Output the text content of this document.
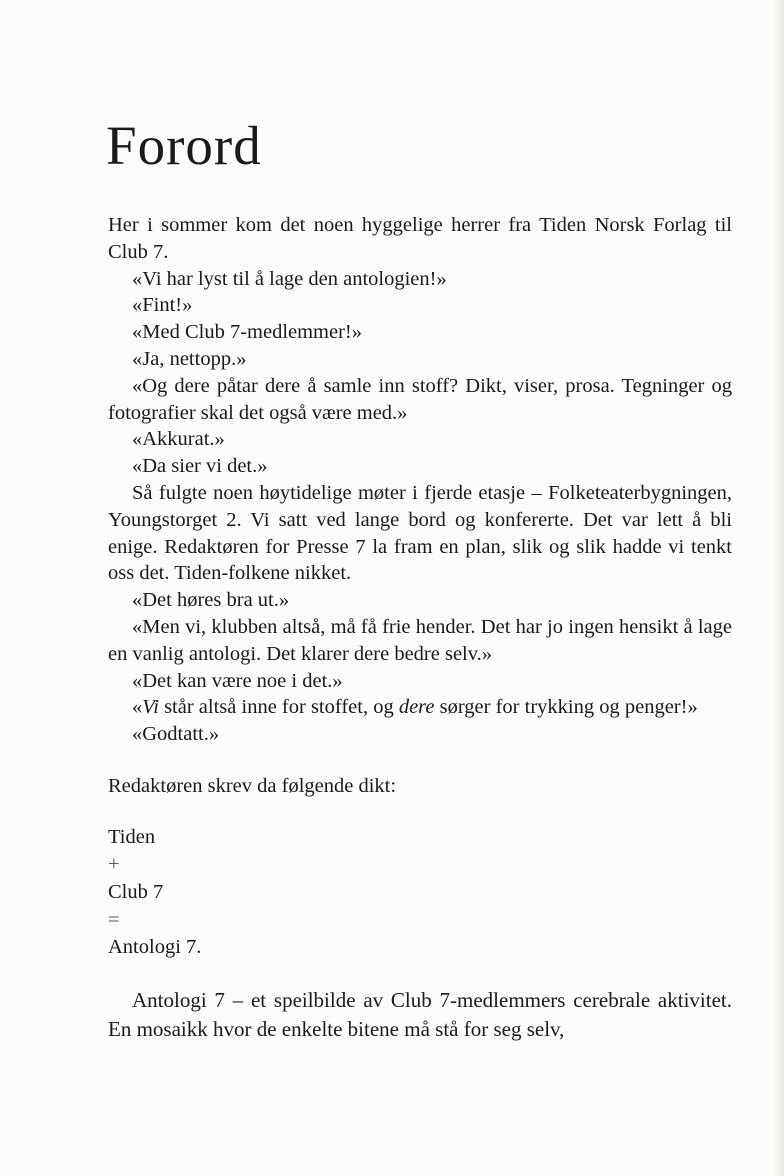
Forord

Her i sommer kom det noen hyggelige herrer fra Tiden Norsk Forlag til Club 7.

«Vi har lyst til å lage den antologien!»

«Fint!»

«Med Club 7-medlemmer!»

«Ja, nettopp.»

«Og dere påtar dere å samle inn stoff? Dikt, viser, prosa. Tegninger og fotografier skal det også være med.»

«Akkurat.»

«Da sier vi det.»

Så fulgte noen høytidelige møter i fjerde etasje – Folketeaterbygningen, Youngstorget 2. Vi satt ved lange bord og konfererte. Det var lett å bli enige. Redaktøren for Presse 7 la fram en plan, slik og slik hadde vi tenkt oss det. Tiden-folkene nikket.

«Det høres bra ut.»

«Men vi, klubben altså, må få frie hender. Det har jo ingen hensikt å lage en vanlig antologi. Det klarer dere bedre selv.»

«Det kan være noe i det.»

«Vi står altså inne for stoffet, og dere sørger for trykking og penger!»

«Godtatt.»

Redaktøren skrev da følgende dikt:

Tiden
+
Club 7
=
Antologi 7.

Antologi 7 – et speilbilde av Club 7-medlemmers cerebrale aktivitet. En mosaikk hvor de enkelte bitene må stå for seg selv,
